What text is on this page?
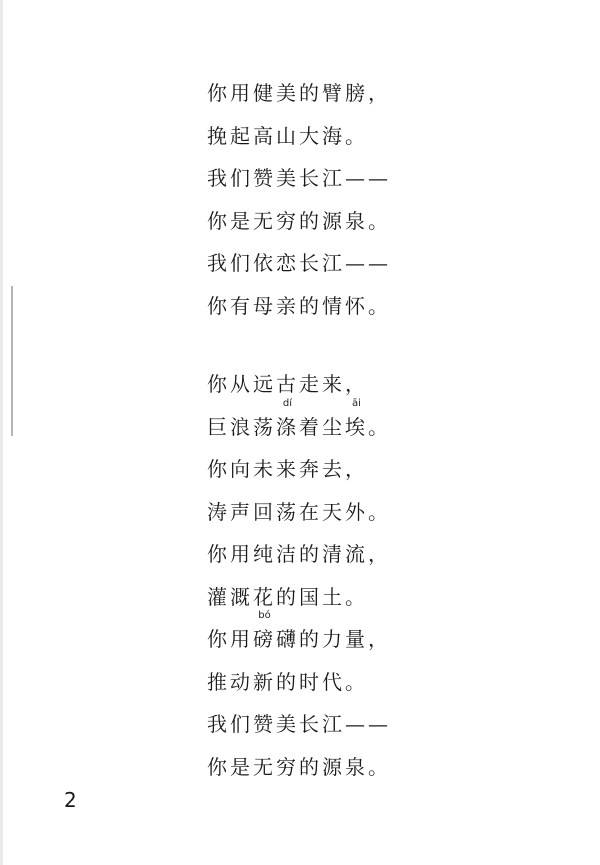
你用健美的臂膀，
挽起高山大海。
我们赞美长江——
你是无穷的源泉。
我们依恋长江——
你有母亲的情怀。
你从远古走来，
巨浪荡
dí
涤着尘
āi
埃。
你向未来奔去，
涛声回荡在天外。
你用纯洁的清流，
灌溉花的国土。
你用
bó
磅礴的力量，
推动新的时代。
我们赞美长江——
你是无穷的源泉。
2
